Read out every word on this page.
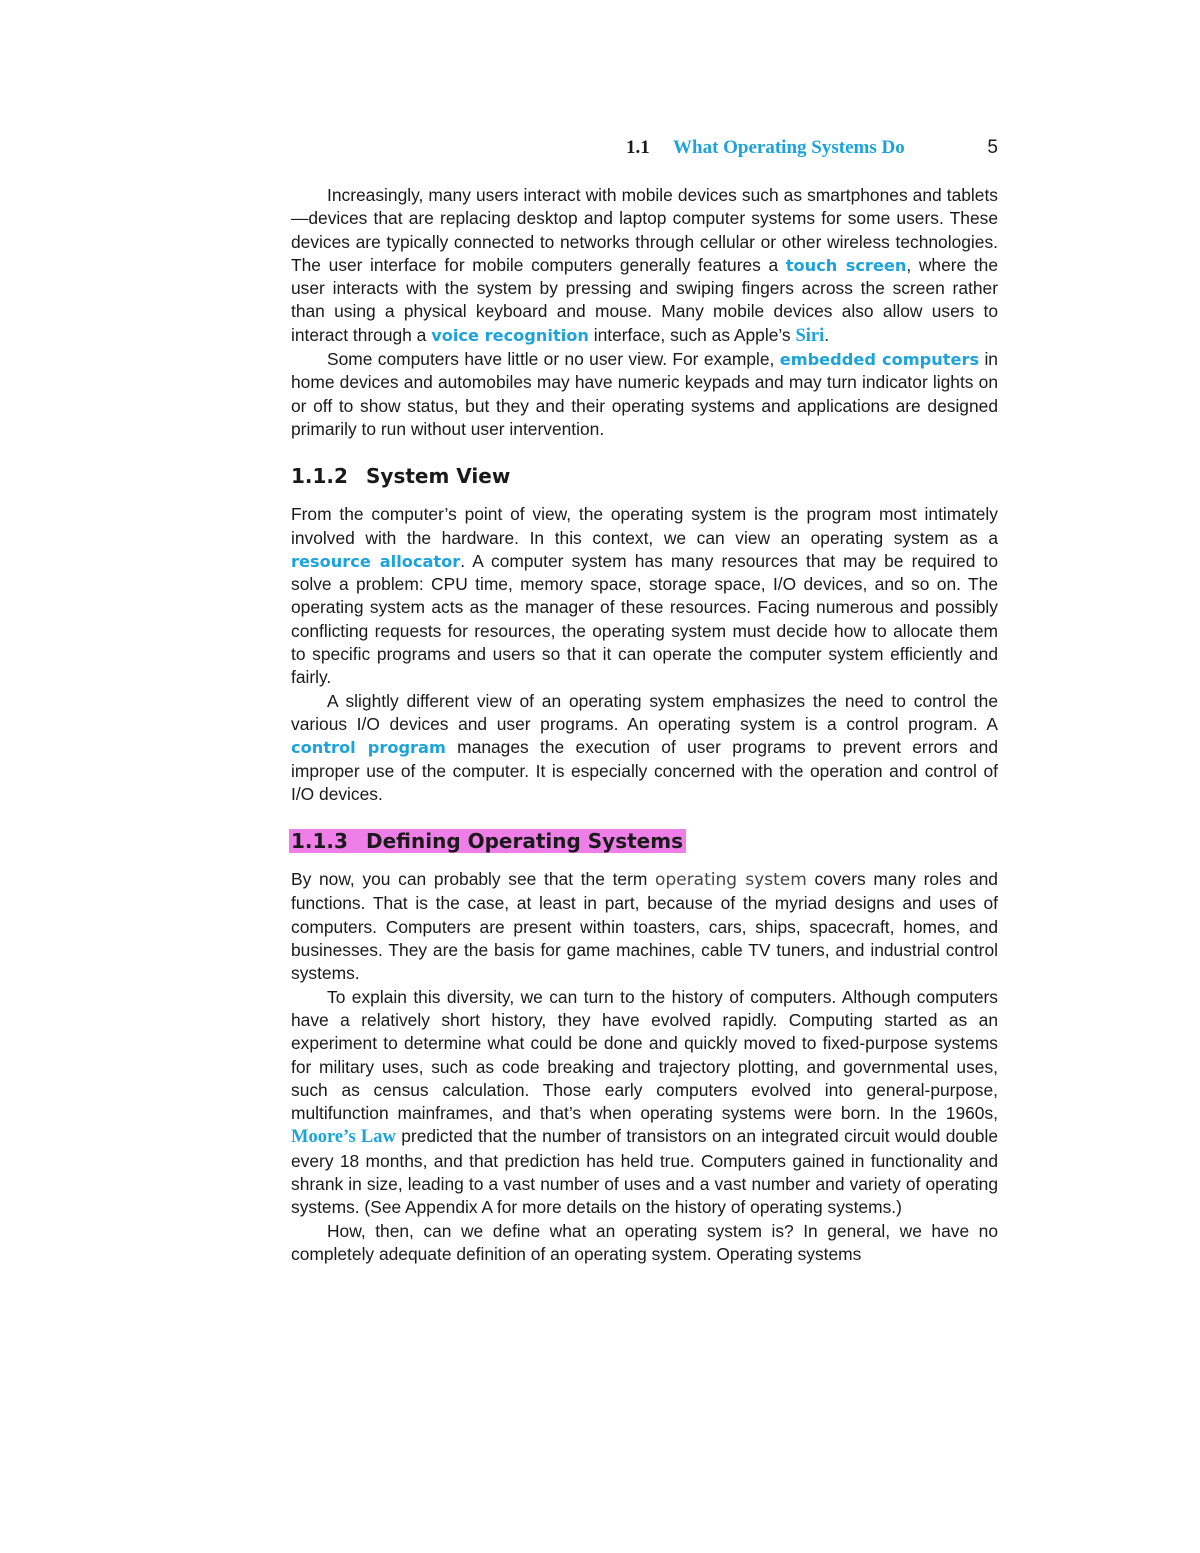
1.1 What Operating Systems Do	5

Increasingly, many users interact with mobile devices such as smartphones and tablets—devices that are replacing desktop and laptop computer systems for some users. These devices are typically connected to networks through cellular or other wireless technologies. The user interface for mobile computers generally features a touch screen, where the user interacts with the system by pressing and swiping fingers across the screen rather than using a physical keyboard and mouse. Many mobile devices also allow users to interact through a voice recognition interface, such as Apple’s Siri.

Some computers have little or no user view. For example, embedded computers in home devices and automobiles may have numeric keypads and may turn indicator lights on or off to show status, but they and their operating systems and applications are designed primarily to run without user intervention.

1.1.2 System View

From the computer’s point of view, the operating system is the program most intimately involved with the hardware. In this context, we can view an operating system as a resource allocator. A computer system has many resources that may be required to solve a problem: CPU time, memory space, storage space, I/O devices, and so on. The operating system acts as the manager of these resources. Facing numerous and possibly conflicting requests for resources, the operating system must decide how to allocate them to specific programs and users so that it can operate the computer system efficiently and fairly.

A slightly different view of an operating system emphasizes the need to control the various I/O devices and user programs. An operating system is a control program. A control program manages the execution of user programs to prevent errors and improper use of the computer. It is especially concerned with the operation and control of I/O devices.

1.1.3 Defining Operating Systems

By now, you can probably see that the term operating system covers many roles and functions. That is the case, at least in part, because of the myriad designs and uses of computers. Computers are present within toasters, cars, ships, spacecraft, homes, and businesses. They are the basis for game machines, cable TV tuners, and industrial control systems.

To explain this diversity, we can turn to the history of computers. Although computers have a relatively short history, they have evolved rapidly. Computing started as an experiment to determine what could be done and quickly moved to fixed-purpose systems for military uses, such as code breaking and trajectory plotting, and governmental uses, such as census calculation. Those early computers evolved into general-purpose, multifunction mainframes, and that’s when operating systems were born. In the 1960s, Moore’s Law predicted that the number of transistors on an integrated circuit would double every 18 months, and that prediction has held true. Computers gained in functionality and shrank in size, leading to a vast number of uses and a vast number and variety of operating systems. (See Appendix A for more details on the history of operating systems.)

How, then, can we define what an operating system is? In general, we have no completely adequate definition of an operating system. Operating systems
